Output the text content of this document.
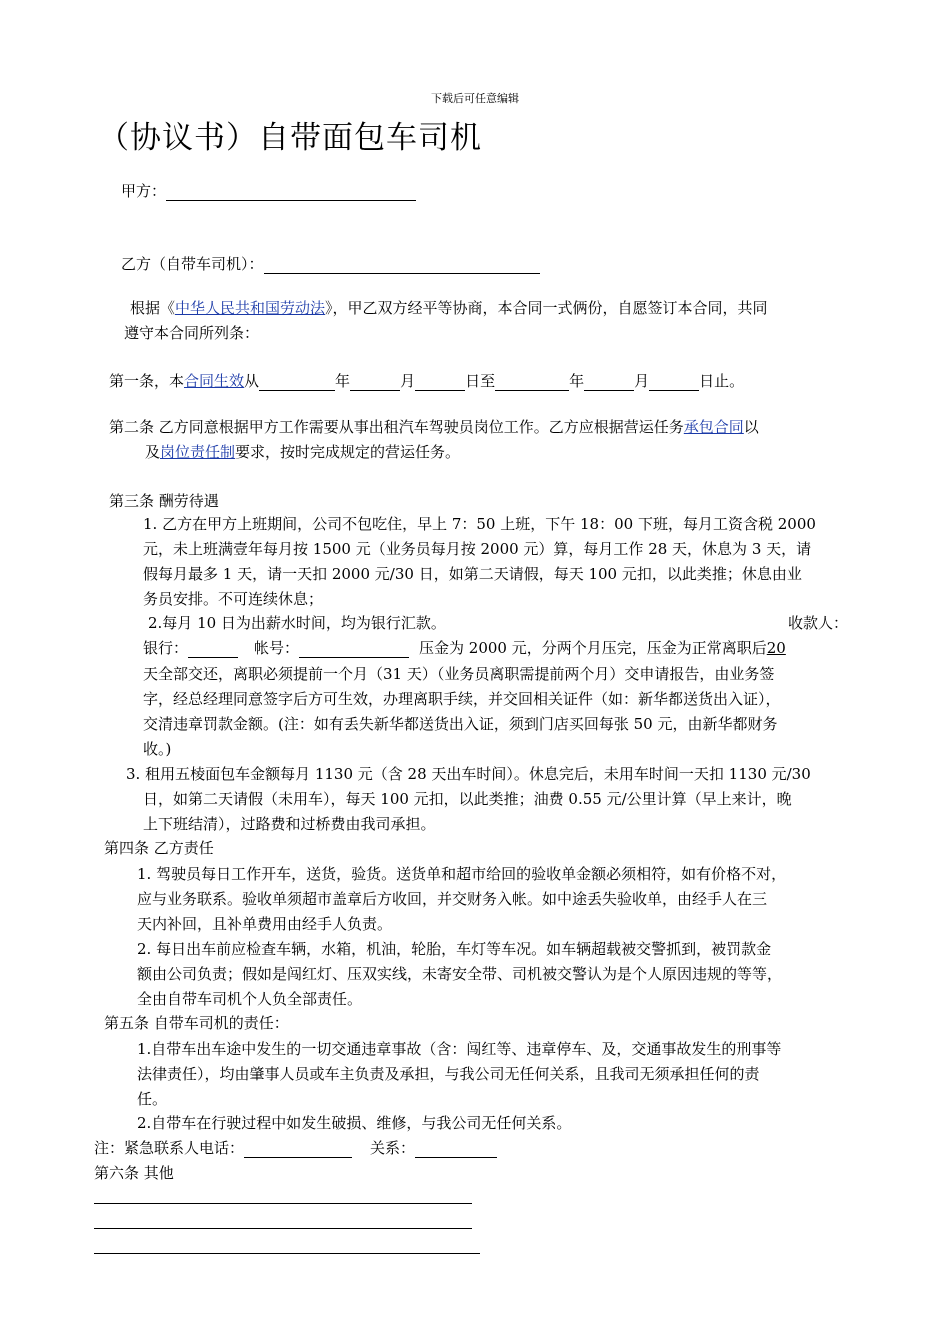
下载后可任意编辑
（协议书）自带面包车司机
甲方：
乙方（自带车司机）：
根据《中华人民共和国劳动法》，甲乙双方经平等协商，本合同一式俩份，自愿签订本合同，共同
遵守本合同所列条：
第一条，本合同生效从	年	月	日至	年	月	日止。
第二条 乙方同意根据甲方工作需要从事出租汽车驾驶员岗位工作。乙方应根据营运任务承包合同以
及岗位责任制要求，按时完成规定的营运任务。
第三条 酬劳待遇
1. 乙方在甲方上班期间，公司不包吃住，早上 7：50 上班，下午 18：00 下班，每月工资含税 2000
元，未上班满壹年每月按 1500 元（业务员每月按 2000 元）算，每月工作 28 天，休息为 3 天，请
假每月最多 1 天，请一天扣 2000 元/30 日，如第二天请假，每天 100 元扣，以此类推；休息由业
务员安排。不可连续休息；
2.每月 10 日为出薪水时间，均为银行汇款。	收款人：
银行：	帐号：	压金为 2000 元，分两个月压完，压金为正常离职后20
天全部交还，离职必须提前一个月（31 天）（业务员离职需提前两个月）交申请报告，由业务签
字，经总经理同意签字后方可生效，办理离职手续，并交回相关证件（如：新华都送货出入证），
交清违章罚款金额。(注：如有丢失新华都送货出入证，须到门店买回每张 50 元，由新华都财务
收。)
3. 租用五棱面包车金额每月 1130 元（含 28 天出车时间）。休息完后，未用车时间一天扣 1130 元/30
日，如第二天请假（未用车），每天 100 元扣，以此类推；油费 0.55 元/公里计算（早上来计，晚
上下班结清），过路费和过桥费由我司承担。
第四条 乙方责任
1. 驾驶员每日工作开车，送货，验货。送货单和超市给回的验收单金额必须相符，如有价格不对，
应与业务联系。验收单须超市盖章后方收回，并交财务入帐。如中途丢失验收单，由经手人在三
天内补回，且补单费用由经手人负责。
2. 每日出车前应检查车辆，水箱，机油，轮胎，车灯等车况。如车辆超载被交警抓到，被罚款金
额由公司负责；假如是闯红灯、压双实线，未寄安全带、司机被交警认为是个人原因违规的等等，
全由自带车司机个人负全部责任。
第五条 自带车司机的责任：
1.自带车出车途中发生的一切交通违章事故（含：闯红等、违章停车、及，交通事故发生的刑事等
法律责任），均由肇事人员或车主负责及承担，与我公司无任何关系，且我司无须承担任何的责
任。
2.自带车在行驶过程中如发生破损、维修，与我公司无任何关系。
注：紧急联系人电话：	关系：
第六条 其他
